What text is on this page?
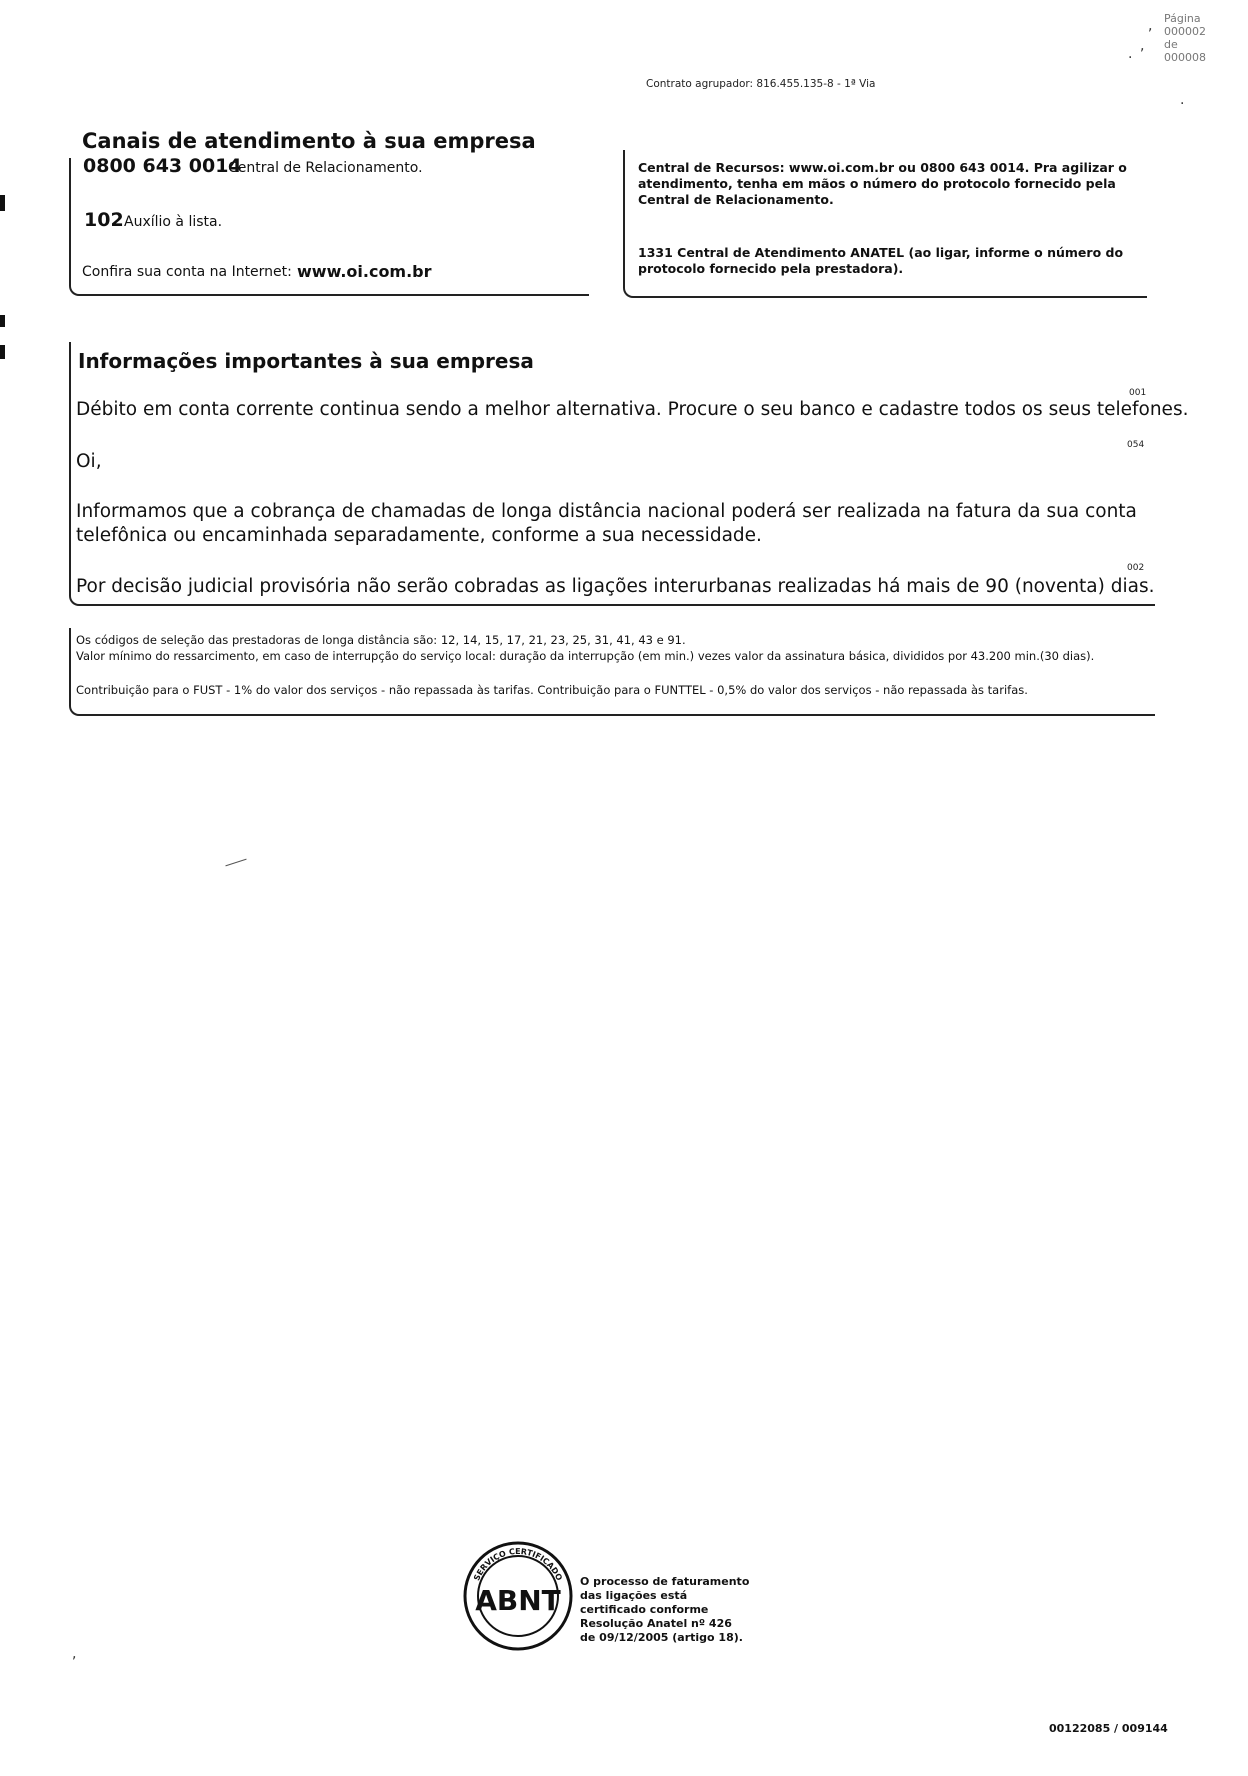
Página
000002 de 000008
,
,
.
.
Contrato agrupador: 816.455.135-8 - 1ª Via
Canais de atendimento à sua empresa
0800 643 0014
Central de Relacionamento.
102 Auxílio à lista.
Confira sua conta na Internet: www.oi.com.br
Central de Recursos: www.oi.com.br ou 0800 643 0014. Pra agilizar o atendimento, tenha em mãos o número do protocolo fornecido pela Central de Relacionamento.
1331 Central de Atendimento ANATEL (ao ligar, informe o número do protocolo fornecido pela prestadora).
Informações importantes à sua empresa
001
Débito em conta corrente continua sendo a melhor alternativa. Procure o seu banco e cadastre todos os seus telefones.
054
Oi,
Informamos que a cobrança de chamadas de longa distância nacional poderá ser realizada na fatura da sua conta
telefônica ou encaminhada separadamente, conforme a sua necessidade.
002
Por decisão judicial provisória não serão cobradas as ligações interurbanas realizadas há mais de 90 (noventa) dias.
Os códigos de seleção das prestadoras de longa distância são: 12, 14, 15, 17, 21, 23, 25, 31, 41, 43 e 91.
Valor mínimo do ressarcimento, em caso de interrupção do serviço local: duração da interrupção (em min.) vezes valor da assinatura básica, divididos por 43.200 min.(30 dias).
Contribuição para o FUST - 1% do valor dos serviços - não repassada às tarifas. Contribuição para o FUNTTEL - 0,5% do valor dos serviços - não repassada às tarifas.
SERVIÇO CERTIFICADO
ABNT
O processo de faturamento das ligações está certificado conforme Resolução Anatel nº 426 de 09/12/2005 (artigo 18).
,
00122085 / 009144
